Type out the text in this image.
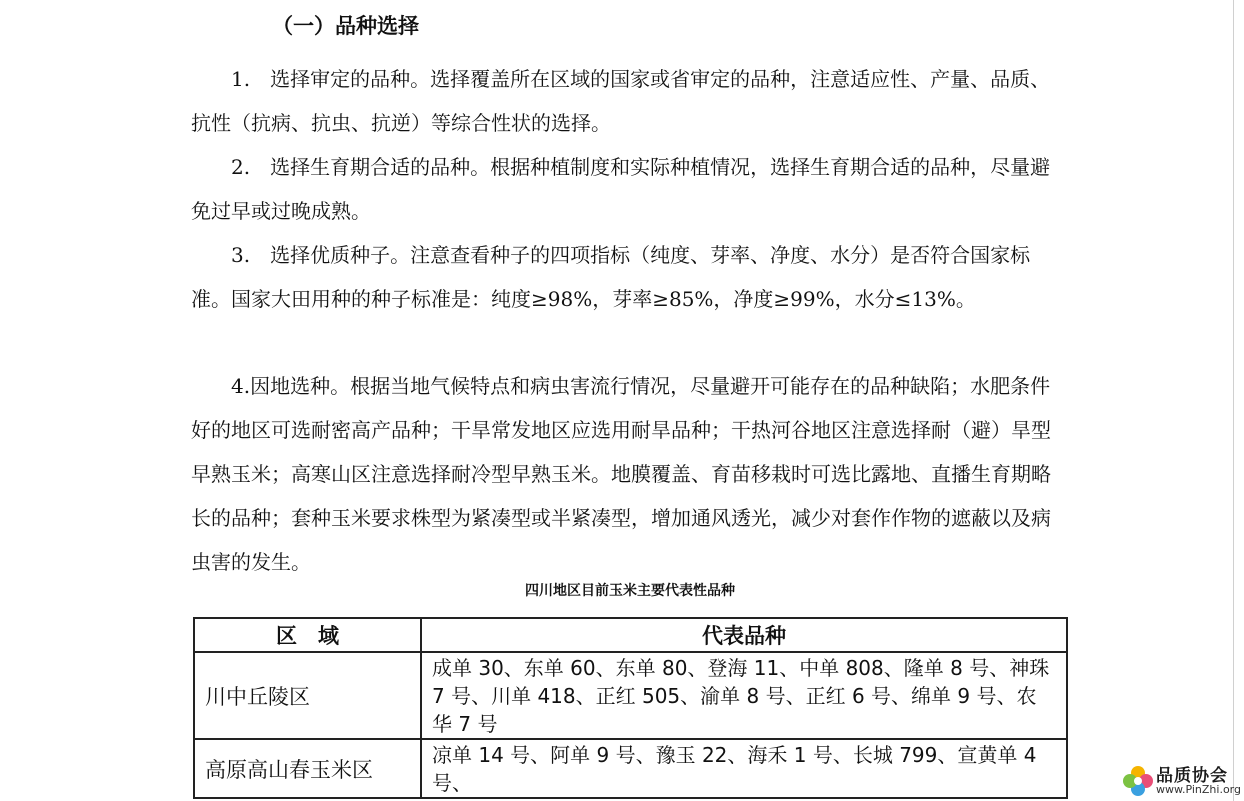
（一）品种选择

1.　选择审定的品种。选择覆盖所在区域的国家或省审定的品种，注意适应性、产量、品质、抗性（抗病、抗虫、抗逆）等综合性状的选择。

2.　选择生育期合适的品种。根据种植制度和实际种植情况，选择生育期合适的品种，尽量避免过早或过晚成熟。

3.　选择优质种子。注意查看种子的四项指标（纯度、芽率、净度、水分）是否符合国家标准。国家大田用种的种子标准是：纯度≥98%，芽率≥85%，净度≥99%，水分≤13%。

4.因地选种。根据当地气候特点和病虫害流行情况，尽量避开可能存在的品种缺陷；水肥条件好的地区可选耐密高产品种；干旱常发地区应选用耐旱品种；干热河谷地区注意选择耐（避）旱型早熟玉米；高寒山区注意选择耐冷型早熟玉米。地膜覆盖、育苗移栽时可选比露地、直播生育期略长的品种；套种玉米要求株型为紧凑型或半紧凑型，增加通风透光，减少对套作作物的遮蔽以及病虫害的发生。

四川地区目前玉米主要代表性品种
区　域	代表品种
川中丘陵区	成单 30、东单 60、东单 80、登海 11、中单 808、隆单 8 号、神珠 7 号、川单 418、正红 505、渝单 8 号、正红 6 号、绵单 9 号、农华 7 号
高原高山春玉米区	凉单 14 号、阿单 9 号、豫玉 22、海禾 1 号、长城 799、宣黄单 4 号、	品质协会
www.PinZhi.org
